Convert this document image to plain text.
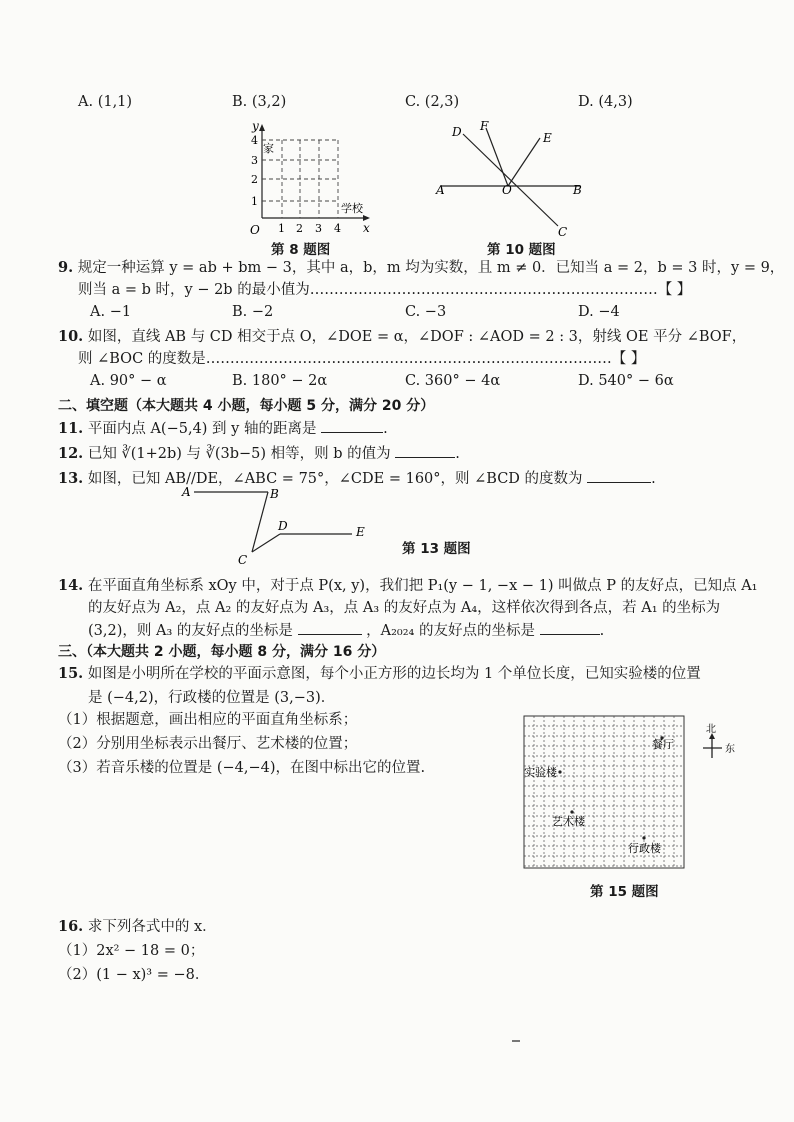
A. (1,1)	B. (3,2)	C. (2,3)	D. (4,3)
O	x
y
1 2 3 4
1
2
3
4
家
学校
第 8 题图
D F
E
A	O	B
C
第 10 题图
9. 规定一种运算 y = ab + bm − 3，其中 a，b，m 均为实数，且 m ≠ 0．已知当 a = 2，b = 3 时，y = 9，
则当 a = b 时，y − 2b 的最小值为………………………………………………………………【 】
A. −1	B. −2	C. −3	D. −4
10. 如图，直线 AB 与 CD 相交于点 O，∠DOE = α，∠DOF : ∠AOD = 2 : 3，射线 OE 平分 ∠BOF，
则 ∠BOC 的度数是…………………………………………………………………………【 】
A. 90° − α	B. 180° − 2α	C. 360° − 4α	D. 540° − 6α
二、填空题（本大题共 4 小题，每小题 5 分，满分 20 分）
11. 平面内点 A(−5,4) 到 y 轴的距离是	.
12. 已知 ∛(1+2b) 与 ∛(3b−5) 相等，则 b 的值为	.
13. 如图，已知 AB//DE，∠ABC = 75°，∠CDE = 160°，则 ∠BCD 的度数为	.
A	B
C
D	E
第 13 题图
14. 在平面直角坐标系 xOy 中，对于点 P(x, y)，我们把 P₁(y − 1, −x − 1) 叫做点 P 的友好点，已知点 A₁
的友好点为 A₂，点 A₂ 的友好点为 A₃，点 A₃ 的友好点为 A₄，这样依次得到各点，若 A₁ 的坐标为
(3,2)，则 A₃ 的友好点的坐标是	，A₂₀₂₄ 的友好点的坐标是	.
三、（本大题共 2 小题，每小题 8 分，满分 16 分）
15. 如图是小明所在学校的平面示意图，每个小正方形的边长均为 1 个单位长度，已知实验楼的位置
是 (−4,2)，行政楼的位置是 (3,−3)．
（1）根据题意，画出相应的平面直角坐标系；
（2）分别用坐标表示出餐厅、艺术楼的位置；
（3）若音乐楼的位置是 (−4,−4)，在图中标出它的位置.
餐厅
实验楼
艺术楼
行政楼
北
东
第 15 题图
16. 求下列各式中的 x．
（1）2x² − 18 = 0；
（2）(1 − x)³ = −8．
